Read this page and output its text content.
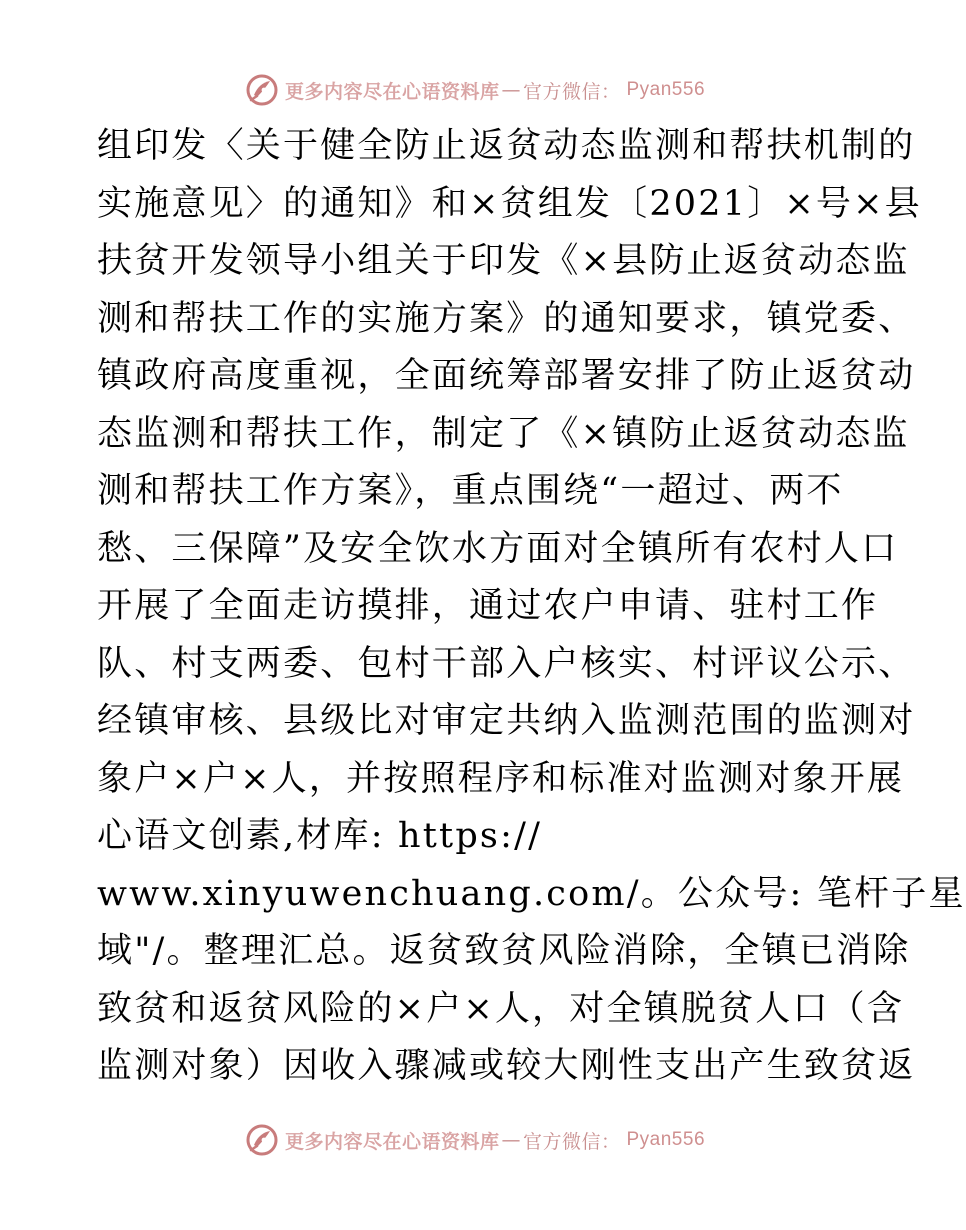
更多内容尽在心语资料库 — 官方微信： Pyan556
组印发〈关于健全防止返贫动态监测和帮扶机制的
实施意见〉的通知》和×贫组发〔2021〕×号×县
扶贫开发领导小组关于印发《×县防止返贫动态监
测和帮扶工作的实施方案》的通知要求，镇党委、
镇政府高度重视，全面统筹部署安排了防止返贫动
态监测和帮扶工作，制定了《×镇防止返贫动态监
测和帮扶工作方案》，重点围绕“一超过、两不
愁、三保障”及安全饮水方面对全镇所有农村人口
开展了全面走访摸排，通过农户申请、驻村工作
队、村支两委、包村干部入户核实、村评议公示、
经镇审核、县级比对审定共纳入监测范围的监测对
象户×户×人，并按照程序和标准对监测对象开展
心语文创素,材库: https://
www.xinyuwenchuang.com/。公众号: 笔杆子星
域"/。整理汇总。返贫致贫风险消除，全镇已消除
致贫和返贫风险的×户×人，对全镇脱贫人口（含
监测对象）因收入骤减或较大刚性支出产生致贫返
更多内容尽在心语资料库 — 官方微信： Pyan556
